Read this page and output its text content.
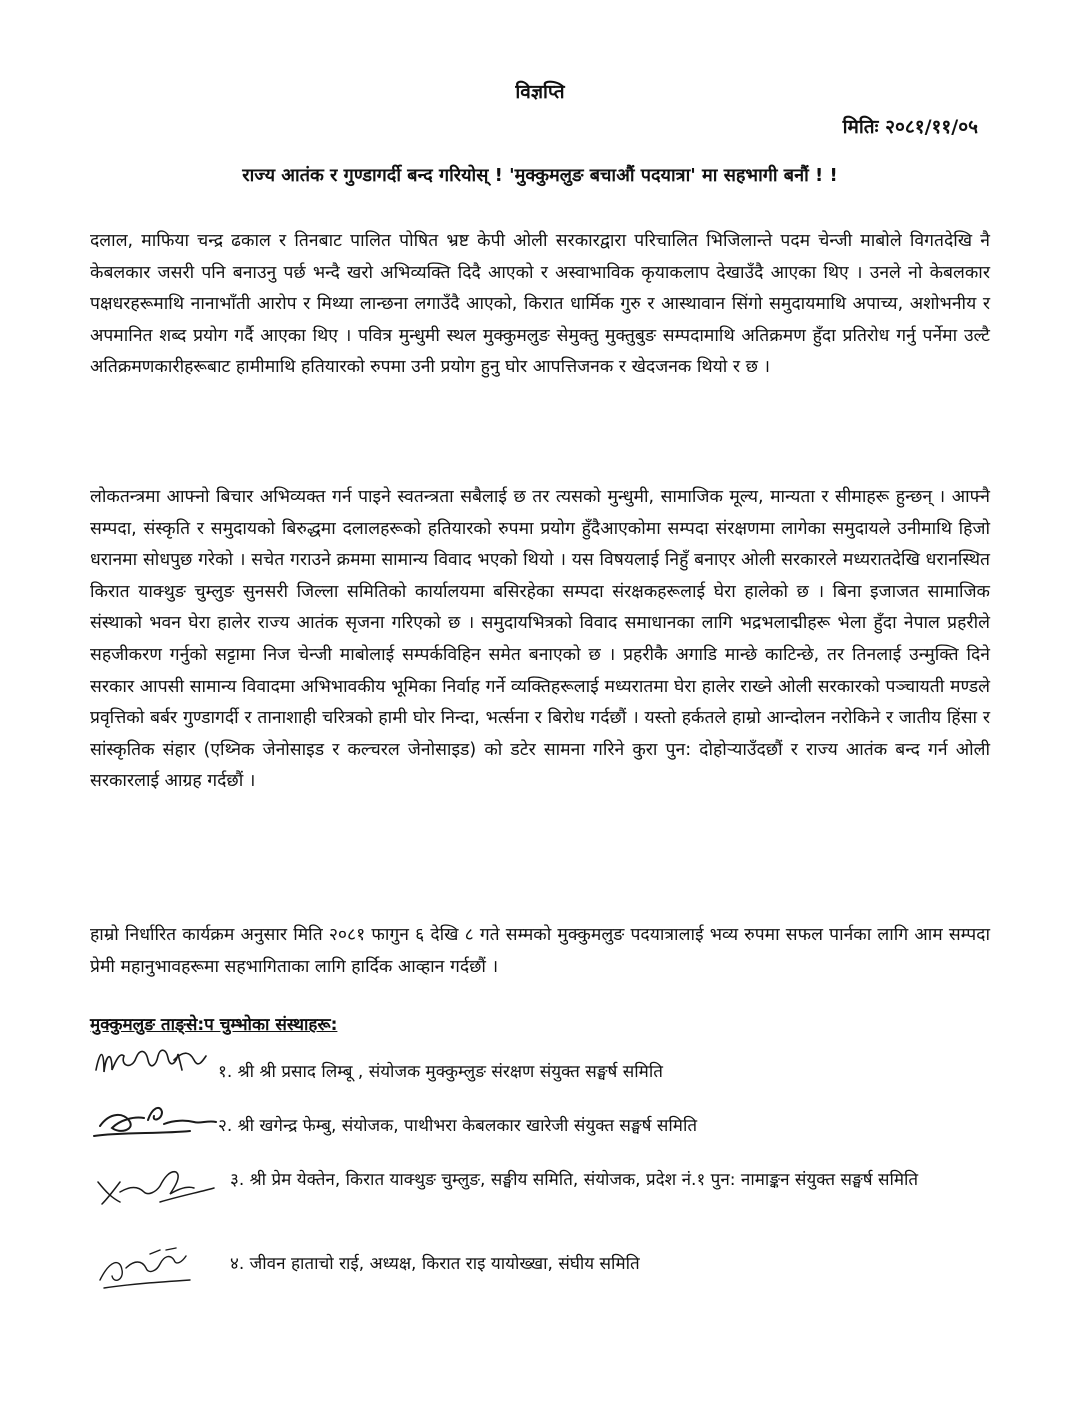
विज्ञप्ति
मितिः २०८१/११/०५
राज्य आतंक र गुण्डागर्दी बन्द गरियोस् ! 'मुक्कुमलुङ बचाऔं पदयात्रा' मा सहभागी बनौं ! !

दलाल, माफिया चन्द्र ढकाल र तिनबाट पालित पोषित भ्रष्ट केपी ओली सरकारद्वारा परिचालित भिजिलान्ते पदम चेन्जी माबोले विगतदेखि नै केबलकार जसरी पनि बनाउनु पर्छ भन्दै खरो अभिव्यक्ति दिदै आएको र अस्वाभाविक कृयाकलाप देखाउँदै आएका थिए । उनले नो केबलकार पक्षधरहरूमाथि नानाभाँती आरोप र मिथ्या लान्छना लगाउँदै आएको, किरात धार्मिक गुरु र आस्थावान सिंगो समुदायमाथि अपाच्य, अशोभनीय र अपमानित शब्द प्रयोग गर्दै आएका थिए । पवित्र मुन्धुमी स्थल मुक्कुमलुङ सेमुक्तु मुक्तुबुङ सम्पदामाथि अतिक्रमण हुँदा प्रतिरोध गर्नु पर्नेमा उल्टै अतिक्रमणकारीहरूबाट हामीमाथि हतियारको रुपमा उनी प्रयोग हुनु घोर आपत्तिजनक र खेदजनक थियो र छ ।

लोकतन्त्रमा आफ्नो बिचार अभिव्यक्त गर्न पाइने स्वतन्त्रता सबैलाई छ तर त्यसको मुन्धुमी, सामाजिक मूल्य, मान्यता र सीमाहरू हुन्छन् । आफ्नै सम्पदा, संस्कृति र समुदायको बिरुद्धमा दलालहरूको हतियारको रुपमा प्रयोग हुँदैआएकोमा सम्पदा संरक्षणमा लागेका समुदायले उनीमाथि हिजो धरानमा सोधपुछ गरेको । सचेत गराउने क्रममा सामान्य विवाद भएको थियो । यस विषयलाई निहुँ बनाएर ओली सरकारले मध्यरातदेखि धरानस्थित किरात याक्थुङ चुम्लुङ सुनसरी जिल्ला समितिको कार्यालयमा बसिरहेका सम्पदा संरक्षकहरूलाई घेरा हालेको छ । बिना इजाजत सामाजिक संस्थाको भवन घेरा हालेर राज्य आतंक सृजना गरिएको छ । समुदायभित्रको विवाद समाधानका लागि भद्रभलाद्मीहरू भेला हुँदा नेपाल प्रहरीले सहजीकरण गर्नुको सट्टामा निज चेन्जी माबोलाई सम्पर्कविहिन समेत बनाएको छ । प्रहरीकै अगाडि मान्छे काटिन्छे, तर तिनलाई उन्मुक्ति दिने सरकार आपसी सामान्य विवादमा अभिभावकीय भूमिका निर्वाह गर्ने व्यक्तिहरूलाई मध्यरातमा घेरा हालेर राख्ने ओली सरकारको पञ्चायती मण्डले प्रवृत्तिको बर्बर गुण्डागर्दी र तानाशाही चरित्रको हामी घोर निन्दा, भर्त्सना र बिरोध गर्दछौं । यस्तो हर्कतले हाम्रो आन्दोलन नरोकिने र जातीय हिंसा र सांस्कृतिक संहार (एथ्निक जेनोसाइड र कल्चरल जेनोसाइड) को डटेर सामना गरिने कुरा पुन: दोहोऱ्याउँदछौं र राज्य आतंक बन्द गर्न ओली सरकारलाई आग्रह गर्दछौं ।

हाम्रो निर्धारित कार्यक्रम अनुसार मिति २०८१ फागुन ६ देखि ८ गते सम्मको मुक्कुमलुङ पदयात्रालाई भव्य रुपमा सफल पार्नका लागि आम सम्पदा प्रेमी महानुभावहरूमा सहभागिताका लागि हार्दिक आव्हान गर्दछौं ।

मुक्कुमलुङ ताङ्से:प चुम्भोका संस्थाहरू:
१. श्री श्री प्रसाद लिम्बू , संयोजक मुक्कुम्लुङ संरक्षण संयुक्त सङ्घर्ष समिति
२. श्री खगेन्द्र फेम्बु, संयोजक, पाथीभरा केबलकार खारेजी संयुक्त सङ्घर्ष समिति
३. श्री प्रेम येक्तेन, किरात याक्थुङ चुम्लुङ, सङ्घीय समिति, संयोजक, प्रदेश नं.१ पुन: नामाङ्कन संयुक्त सङ्घर्ष समिति
४. जीवन हाताचो राई, अध्यक्ष, किरात राइ यायोख्खा, संघीय समिति
